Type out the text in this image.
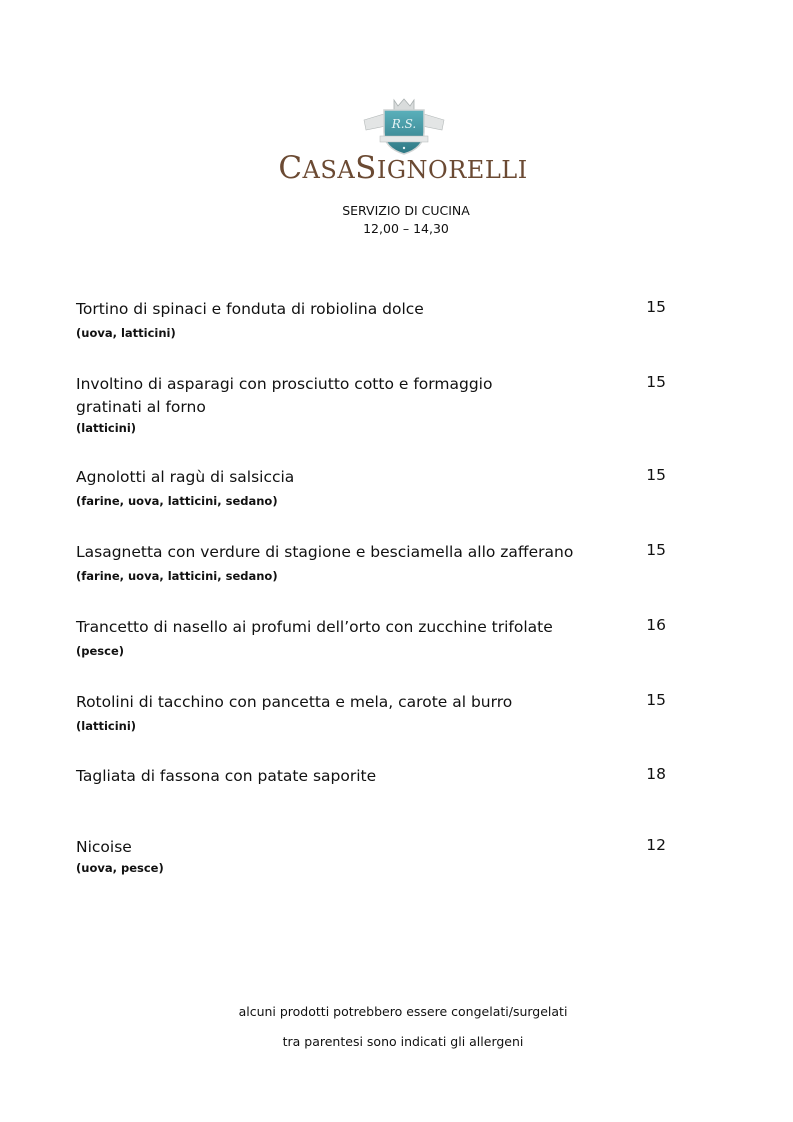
R.S.
CASASIGNORELLI
SERVIZIO DI CUCINA
12,00 – 14,30
Tortino di spinaci e fonduta di robiolina dolce
(uova, latticini)
15
Involtino di asparagi con prosciutto cotto e formaggio gratinati al forno
(latticini)
15
Agnolotti al ragù di salsiccia
(farine, uova, latticini, sedano)
15
Lasagnetta con verdure di stagione e besciamella allo zafferano
(farine, uova, latticini, sedano)
15
Trancetto di nasello ai profumi dell’orto con zucchine trifolate
(pesce)
16
Rotolini di tacchino con pancetta e mela, carote al burro
(latticini)
15
Tagliata di fassona con patate saporite	18
Nicoise
(uova, pesce)
12
alcuni prodotti potrebbero essere congelati/surgelati
tra parentesi sono indicati gli allergeni
